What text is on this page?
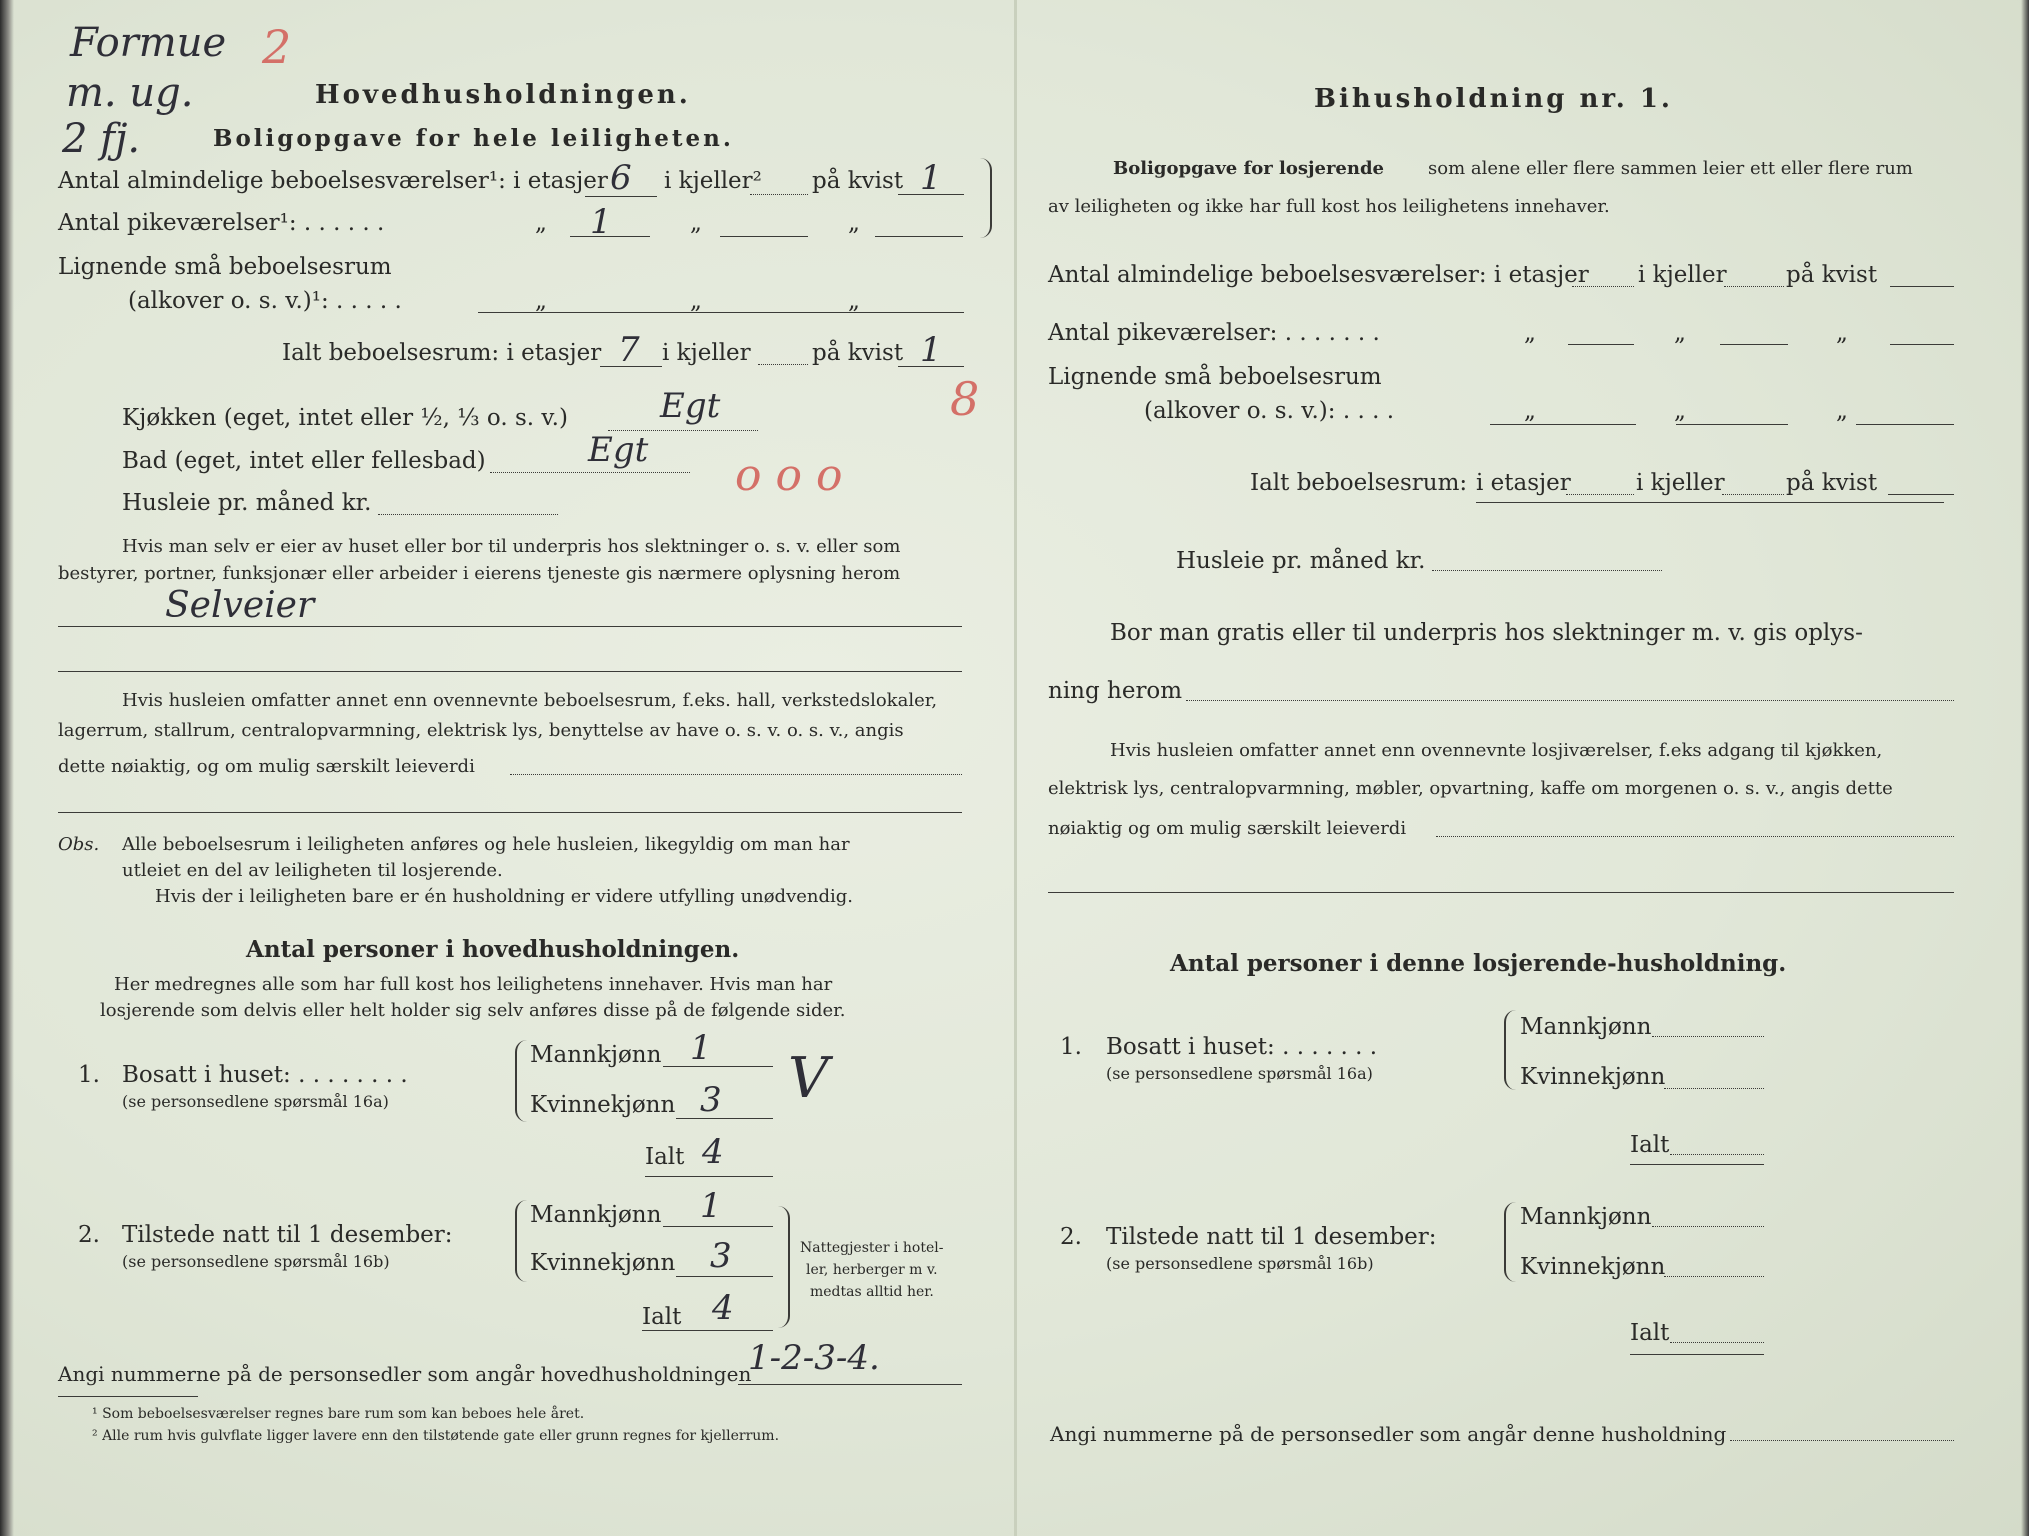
Formue 2
m. ug.
2 fj.
Hovedhusholdningen.
Boligopgave for hele leiligheten.
Antal almindelige beboelsesværelser¹: i etasjer 6 i kjeller² på kvist 1
Antal pikeværelser¹: . . . . . .	„ 1	„	„
Lignende små beboelsesrum
(alkover o. s. v.)¹: . . . . .	„	„	„
Ialt beboelsesrum: i etasjer 7 i kjeller	på kvist 1
8
Kjøkken (eget, intet eller ½, ⅓ o. s. v.)	Egt
Bad (eget, intet eller fellesbad)	Egt o o o
Husleie pr. måned kr.
Hvis man selv er eier av huset eller bor til underpris hos slektninger o. s. v. eller som
bestyrer, portner, funksjonær eller arbeider i eierens tjeneste gis nærmere oplysning herom
Selveier
Hvis husleien omfatter annet enn ovennevnte beboelsesrum, f.eks. hall, verkstedslokaler,
lagerrum, stallrum, centralopvarmning, elektrisk lys, benyttelse av have o. s. v. o. s. v., angis
dette nøiaktig, og om mulig særskilt leieverdi
Obs. Alle beboelsesrum i leiligheten anføres og hele husleien, likegyldig om man har
utleiet en del av leiligheten til losjerende.
Hvis der i leiligheten bare er én husholdning er videre utfylling unødvendig.
Antal personer i hovedhusholdningen.
Her medregnes alle som har full kost hos leilighetens innehaver. Hvis man har
losjerende som delvis eller helt holder sig selv anføres disse på de følgende sider.
1. Bosatt i huset: . . . . . . . .
(se personsedlene spørsmål 16a)
Mannkjønn 1
Kvinnekjønn 3 V
Ialt 4
2. Tilstede natt til 1 desember:
(se personsedlene spørsmål 16b)
Mannkjønn 1
Kvinnekjønn 3
Ialt 4
Nattegjester i hotel-
ler, herberger m v.
medtas alltid her.
Angi nummerne på de personsedler som angår hovedhusholdningen
1-2-3-4.
¹ Som beboelsesværelser regnes bare rum som kan beboes hele året.
² Alle rum hvis gulvflate ligger lavere enn den tilstøtende gate eller grunn regnes for kjellerrum.
Bihusholdning nr. 1.
Boligopgave for losjerende som alene eller flere sammen leier ett eller flere rum
av leiligheten og ikke har full kost hos leilighetens innehaver.
Antal almindelige beboelsesværelser: i etasjer i kjeller	på kvist
Antal pikeværelser: . . . . . . .	„	„	„
Lignende små beboelsesrum
(alkover o. s. v.): . . . .	„	„	„
Ialt beboelsesrum: i etasjer	i kjeller	på kvist
Husleie pr. måned kr.
Bor man gratis eller til underpris hos slektninger m. v. gis oplys-
ning herom
Hvis husleien omfatter annet enn ovennevnte losjiværelser, f.eks adgang til kjøkken,
elektrisk lys, centralopvarmning, møbler, opvartning, kaffe om morgenen o. s. v., angis dette
nøiaktig og om mulig særskilt leieverdi
Antal personer i denne losjerende-husholdning.
1. Bosatt i huset: . . . . . . .
(se personsedlene spørsmål 16a)
Mannkjønn
Kvinnekjønn
Ialt
2. Tilstede natt til 1 desember:
(se personsedlene spørsmål 16b)
Mannkjønn
Kvinnekjønn
Ialt
Angi nummerne på de personsedler som angår denne husholdning
